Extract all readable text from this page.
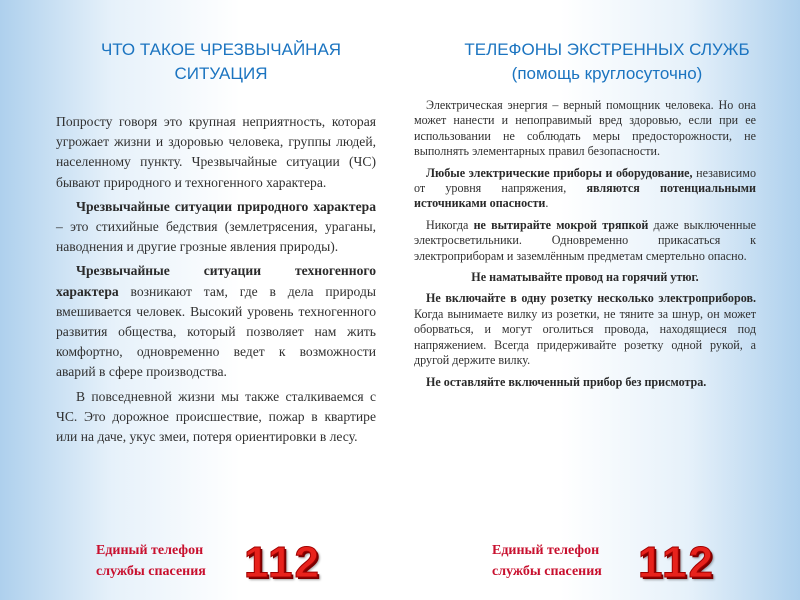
ЧТО ТАКОЕ ЧРЕЗВЫЧАЙНАЯ
СИТУАЦИЯ

Попросту говоря это крупная неприятность, которая угрожает жизни и здоровью человека, группы людей, населенному пункту. Чрезвычайные ситуации (ЧС) бывают природного и техногенного характера.

Чрезвычайные ситуации природного характера – это стихийные бедствия (землетрясения, ураганы, наводнения и другие грозные явления природы).

Чрезвычайные ситуации техногенного характера возникают там, где в дела природы вмешивается человек. Высокий уровень техногенного развития общества, который позволяет нам жить комфортно, одновременно ведет к возможности аварий в сфере производства.

В повседневной жизни мы также сталкиваемся с ЧС. Это дорожное происшествие, пожар в квартире или на даче, укус змеи, потеря ориентировки в лесу.

ТЕЛЕФОНЫ ЭКСТРЕННЫХ СЛУЖБ
(помощь круглосуточно)

Электрическая энергия – верный помощник человека. Но она может нанести и непоправимый вред здоровью, если при ее использовании не соблюдать меры предосторожности, не выполнять элементарных правил безопасности.

Любые электрические приборы и оборудование, независимо от уровня напряжения, являются потенциальными источниками опасности.

Никогда не вытирайте мокрой тряпкой даже выключенные электросветильники. Одновременно прикасаться к электроприборам и заземлённым предметам смертельно опасно.

Не наматывайте провод на горячий утюг.

Не включайте в одну розетку несколько электроприборов. Когда вынимаете вилку из розетки, не тяните за шнур, он может оборваться, и могут оголиться провода, находящиеся под напряжением. Всегда придерживайте розетку одной рукой, а другой держите вилку.

Не оставляйте включенный прибор без присмотра.

Единый телефон
службы спасения 112	Единый телефон
службы спасения 112
